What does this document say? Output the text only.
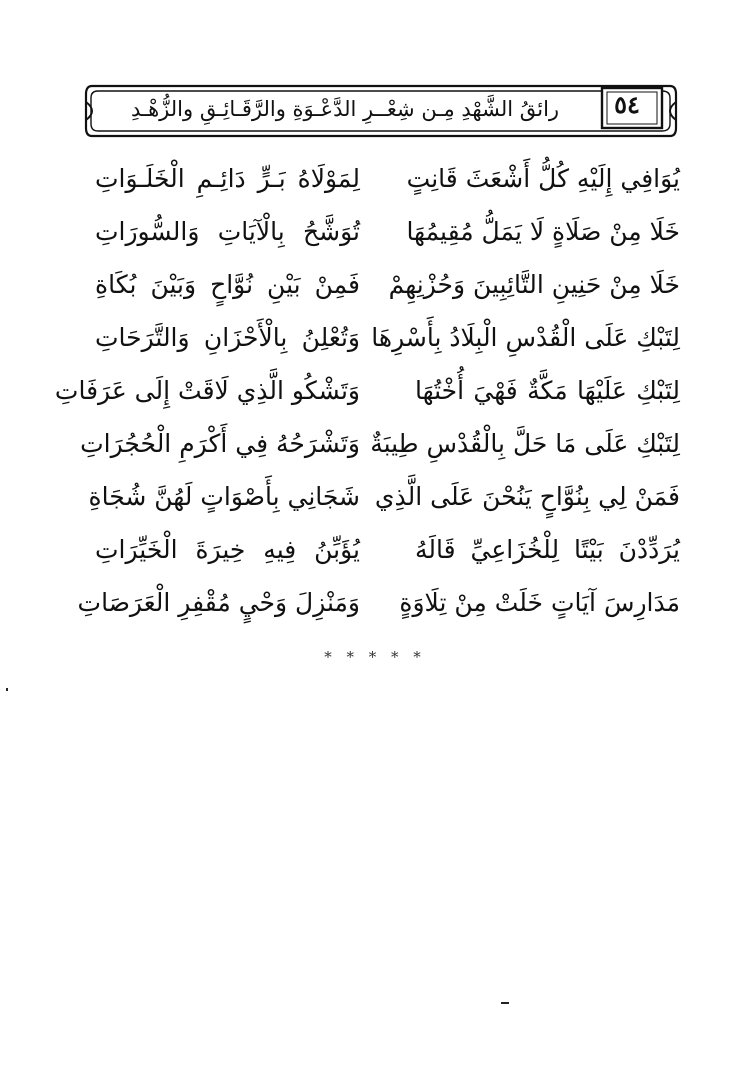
٥٤
رائقُ الشَّهْدِ مِـن شِعْــرِ الدَّعْـوَةِ والرَّقَـائِـقِ والزُّهْـدِ
يُوَافِي إِلَيْهِ كُلُّ أَشْعَثَ قَانِتٍ
لِمَوْلَاهُ بَـرٍّ دَائِـمِ الْخَلَـوَاتِ
خَلَا مِنْ صَلَاةٍ لَا يَمَلُّ مُقِيمُهَا
تُوَشَّحُ بِالْآيَاتِ وَالسُّورَاتِ
خَلَا مِنْ حَنِينِ التَّائِبِينَ وَحُزْنِهِمْ
فَمِنْ بَيْنِ نُوَّاحٍ وَبَيْنَ بُكَاةِ
لِتَبْكِ عَلَى الْقُدْسِ الْبِلَادُ بِأَسْرِهَا
وَتُعْلِنُ بِالْأَحْزَانِ وَالتَّرَحَاتِ
لِتَبْكِ عَلَيْهَا مَكَّةٌ فَهْيَ أُخْتُهَا
وَتَشْكُو الَّذِي لَاقَتْ إِلَى عَرَفَاتِ
لِتَبْكِ عَلَى مَا حَلَّ بِالْقُدْسِ طِيبَةٌ
وَتَشْرَحُهُ فِي أَكْرَمِ الْحُجُرَاتِ
فَمَنْ لِي بِنُوَّاحٍ يَنُحْنَ عَلَى الَّذِي
شَجَانِي بِأَصْوَاتٍ لَهُنَّ شُجَاةِ
يُرَدِّدْنَ بَيْتًا لِلْخُزَاعِيِّ قَالَهُ
يُؤَبِّنُ فِيهِ خِيرَةَ الْخَيِّرَاتِ
مَدَارِسَ آيَاتٍ خَلَتْ مِنْ تِلَاوَةٍ
وَمَنْزِلَ وَحْيٍ مُقْفِرِ الْعَرَصَاتِ
* * * * *
